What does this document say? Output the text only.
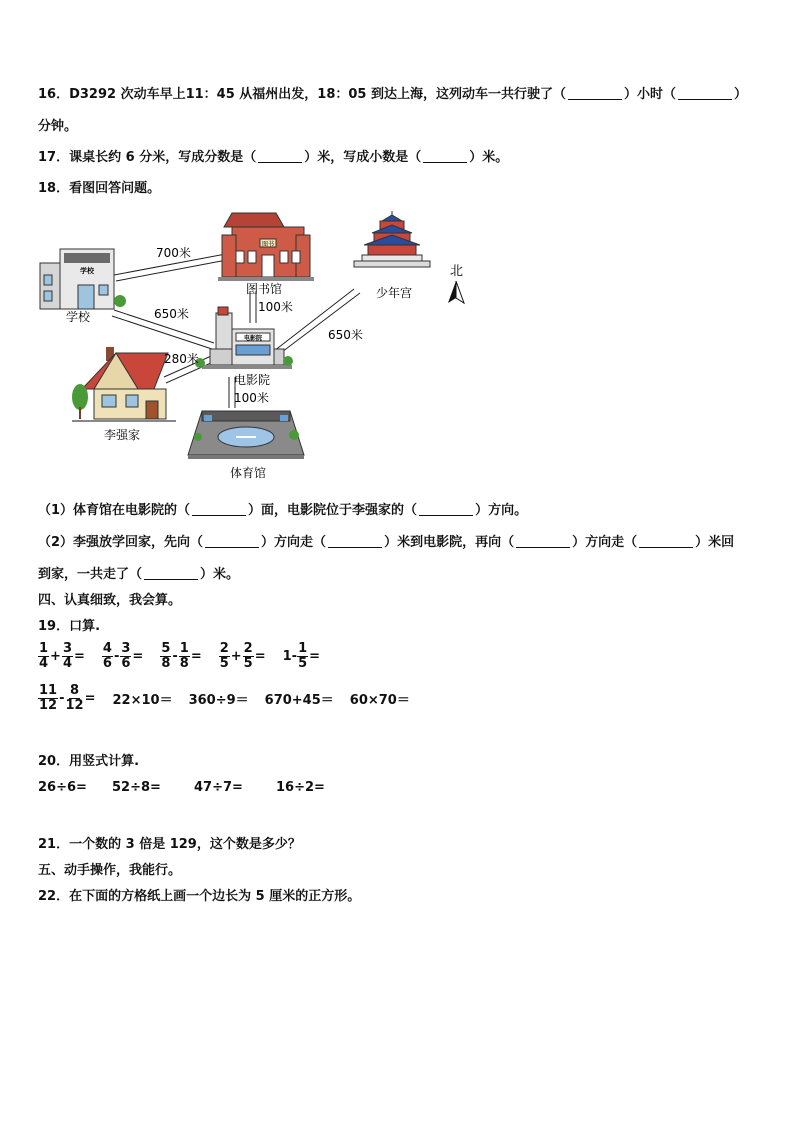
16．D3292 次动车早上11：45 从福州出发，18：05 到达上海，这列动车一共行驶了（	）小时（	）
分钟。
17．课桌长约 6 分米，写成分数是（	）米，写成小数是（	）米。
18．看图回答问题。
学校
学校
图书
图书馆	少年宫
北
电影院
电影院
李强家
体育馆
700米
650米
280米
100米
650米
100米
（1）体育馆在电影院的（	）面，电影院位于李强家的（	）方向。
（2）李强放学回家，先向（	）方向走（	）米到电影院，再向（	）方向走（	）米回
到家，一共走了（	）米。
四、认真细致，我会算。
19．口算.
$\frac{1}{4} + \frac{3}{4} = \frac{4}{6} - \frac{3}{6} = \frac{5}{8} - \frac{1}{8} = \frac{2}{5} + \frac{2}{5} = 1- \frac{1}{5}$ =
$\frac{11}{12} - \frac{8}{12} = 22\times 10= 360\div 9= 670+45= 60\times 70=$
20．用竖式计算.
26÷6= 52÷8=	47÷7=	16÷2=
21．一个数的 3 倍是 129，这个数是多少？
五、动手操作，我能行。
22．在下面的方格纸上画一个边长为 5 厘米的正方形。
